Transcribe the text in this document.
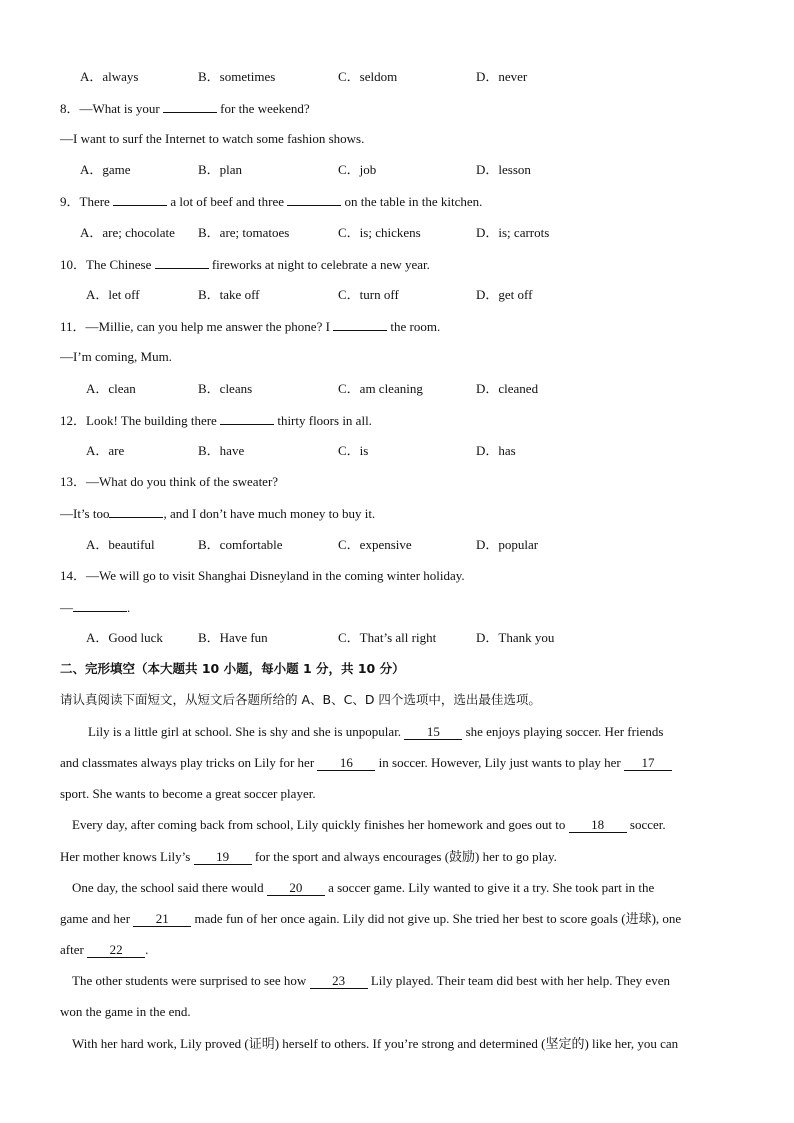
A．always	B．sometimes	C．seldom	D．never
8．—What is your	for the weekend?
—I want to surf the Internet to watch some fashion shows.
A．game	B．plan	C．job	D．lesson
9．There	a lot of beef and three	on the table in the kitchen.
A．are; chocolate B．are; tomatoes	C．is; chickens	D．is; carrots
10．The Chinese	fireworks at night to celebrate a new year.
A．let off	B．take off	C．turn off	D．get off
11．—Millie, can you help me answer the phone? I	the room.
—I’m coming, Mum.
A．clean	B．cleans	C．am cleaning	D．cleaned
12．Look! The building there	thirty floors in all.
A．are	B．have	C．is	D．has
13．—What do you think of the sweater?
—It’s too	, and I don’t have much money to buy it.
A．beautiful	B．comfortable	C．expensive	D．popular
14．—We will go to visit Shanghai Disneyland in the coming winter holiday.
—	.
A．Good luck	B．Have fun	C．That’s all right	D．Thank you
二、完形填空（本大题共 10 小题，每小题 1 分，共 10 分）
请认真阅读下面短文，从短文后各题所给的 A、B、C、D 四个选项中，选出最佳选项。
Lily is a little girl at school. She is shy and she is unpopular. 15 she enjoys playing soccer. Her friends
and classmates always play tricks on Lily for her 16 in soccer. However, Lily just wants to play her 17
sport. She wants to become a great soccer player.
Every day, after coming back from school, Lily quickly finishes her homework and goes out to 18 soccer.
Her mother knows Lily’s 19 for the sport and always encourages (鼓励) her to go play.
One day, the school said there would 20 a soccer game. Lily wanted to give it a try. She took part in the
game and her 21 made fun of her once again. Lily did not give up. She tried her best to score goals (进球), one
after 22 .
The other students were surprised to see how 23 Lily played. Their team did best with her help. They even
won the game in the end.
With her hard work, Lily proved (证明) herself to others. If you’re strong and determined (坚定的) like her, you can
